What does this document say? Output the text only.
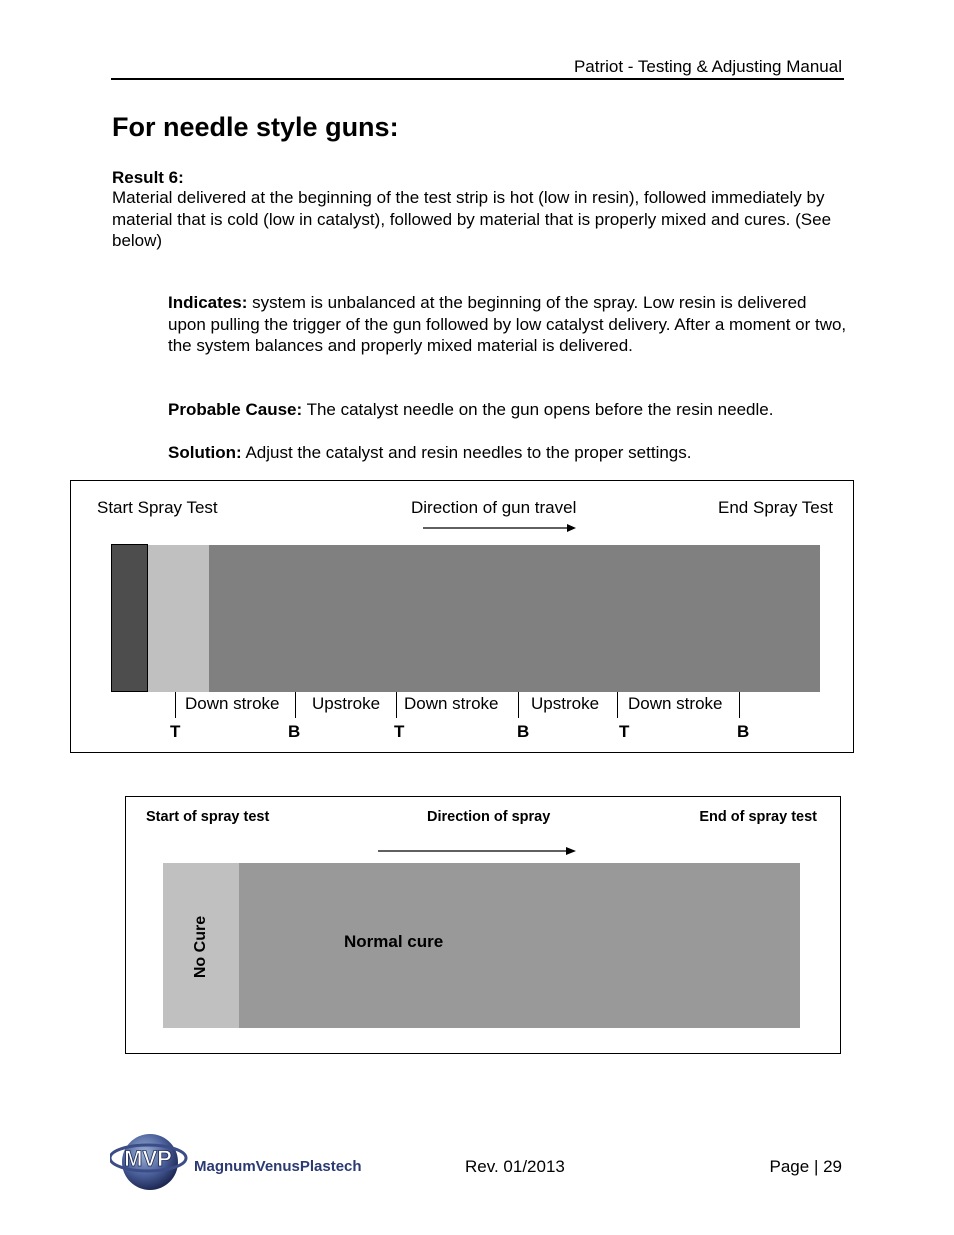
Patriot - Testing & Adjusting Manual
For needle style guns:
Result 6:
Material delivered at the beginning of the test strip is hot (low in resin), followed immediately by material that is cold (low in catalyst), followed by material that is properly mixed and cures. (See below)
Indicates: system is unbalanced at the beginning of the spray. Low resin is delivered upon pulling the trigger of the gun followed by low catalyst delivery. After a moment or two, the system balances and properly mixed material is delivered.
Probable Cause: The catalyst needle on the gun opens before the resin needle.
Solution: Adjust the catalyst and resin needles to the proper settings.
Start Spray Test	Direction of gun travel	End Spray Test
Down stroke Upstroke Down stroke Upstroke Down stroke
T	B	T	B	T	B
Start of spray test	Direction of spray	End of spray test
No Cure	Normal cure
MVP MagnumVenusPlastech	Rev. 01/2013	Page | 29
